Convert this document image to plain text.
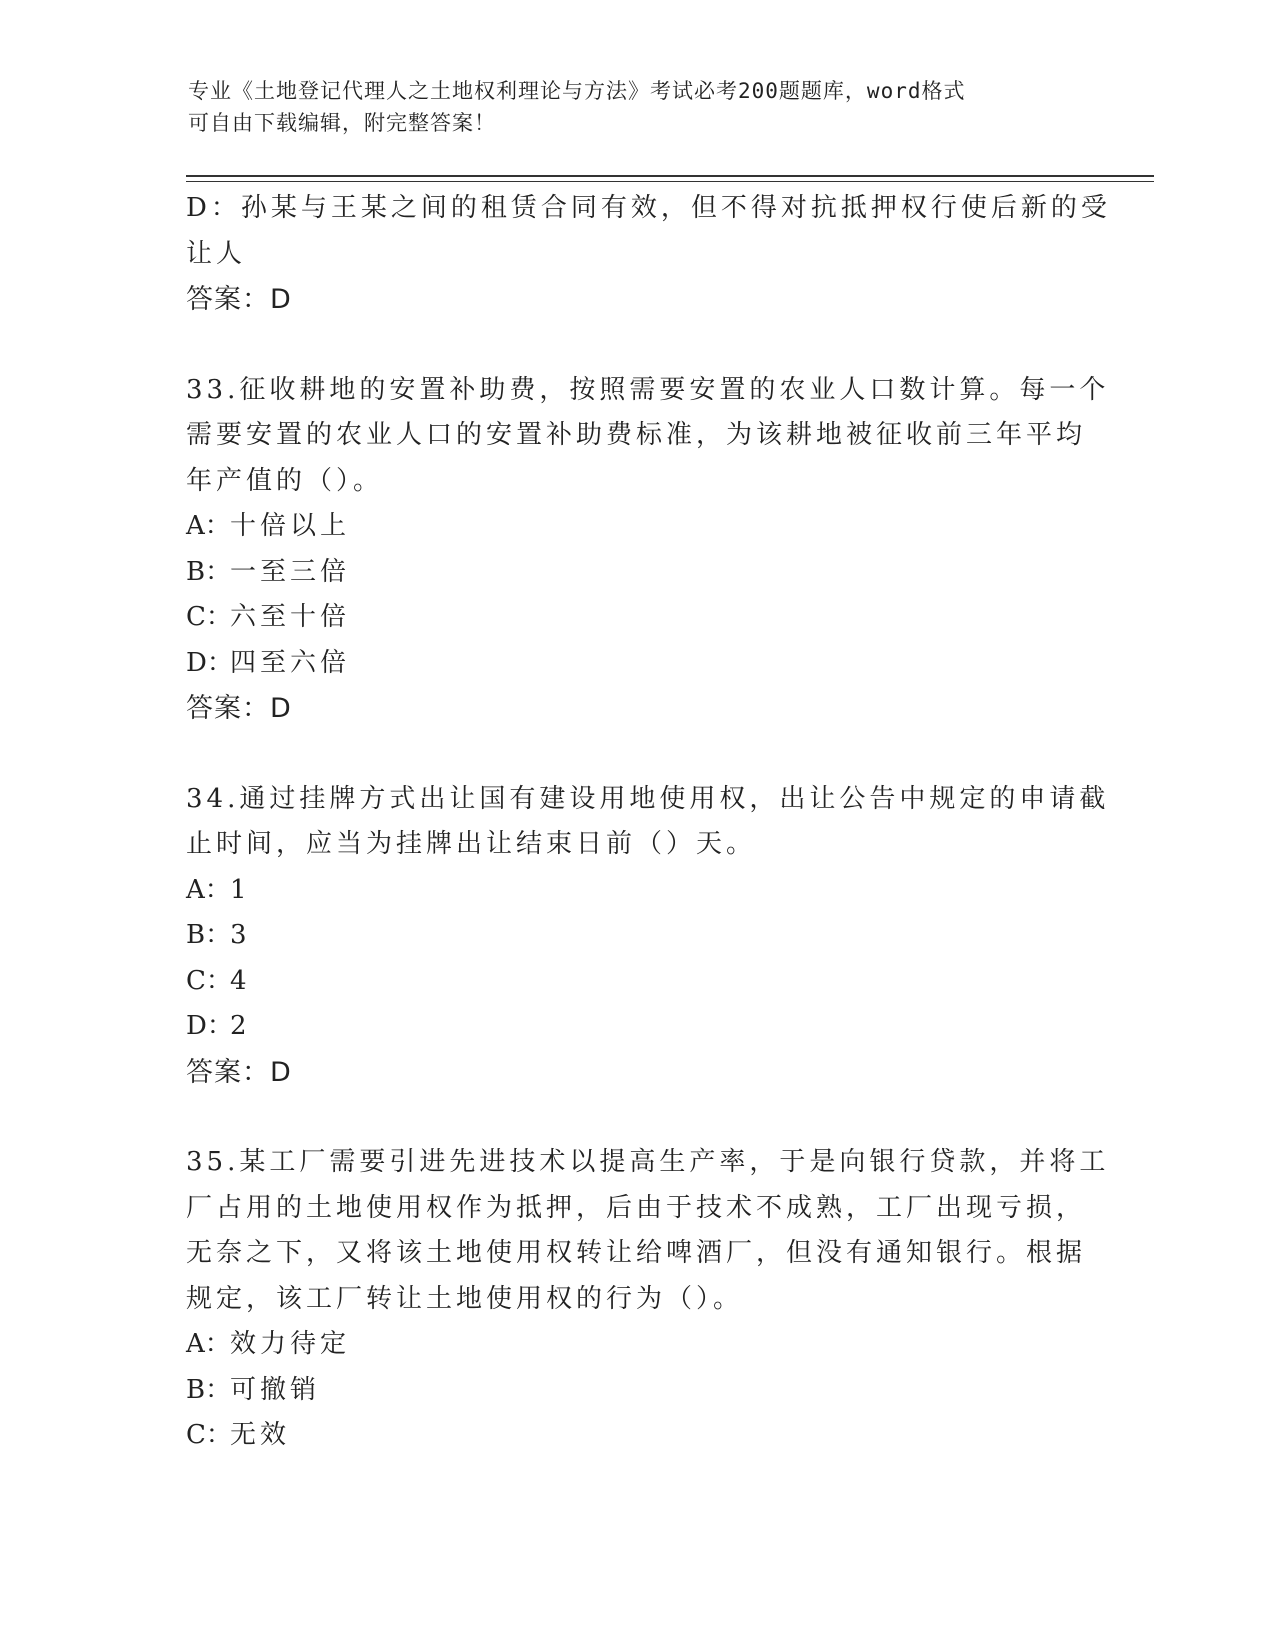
专业《土地登记代理人之土地权利理论与方法》考试必考200题题库，word格式
可自由下载编辑，附完整答案！
D：孙某与王某之间的租赁合同有效，但不得对抗抵押权行使后新的受
让人
答案：D
33.征收耕地的安置补助费，按照需要安置的农业人口数计算。每一个
需要安置的农业人口的安置补助费标准，为该耕地被征收前三年平均
年产值的（）。
A：十倍以上
B：一至三倍
C：六至十倍
D：四至六倍
答案：D
34.通过挂牌方式出让国有建设用地使用权，出让公告中规定的申请截
止时间，应当为挂牌出让结束日前（）天。
A：1
B：3
C：4
D：2
答案：D
35.某工厂需要引进先进技术以提高生产率，于是向银行贷款，并将工
厂占用的土地使用权作为抵押，后由于技术不成熟，工厂出现亏损，
无奈之下，又将该土地使用权转让给啤酒厂，但没有通知银行。根据
规定，该工厂转让土地使用权的行为（）。
A：效力待定
B：可撤销
C：无效
